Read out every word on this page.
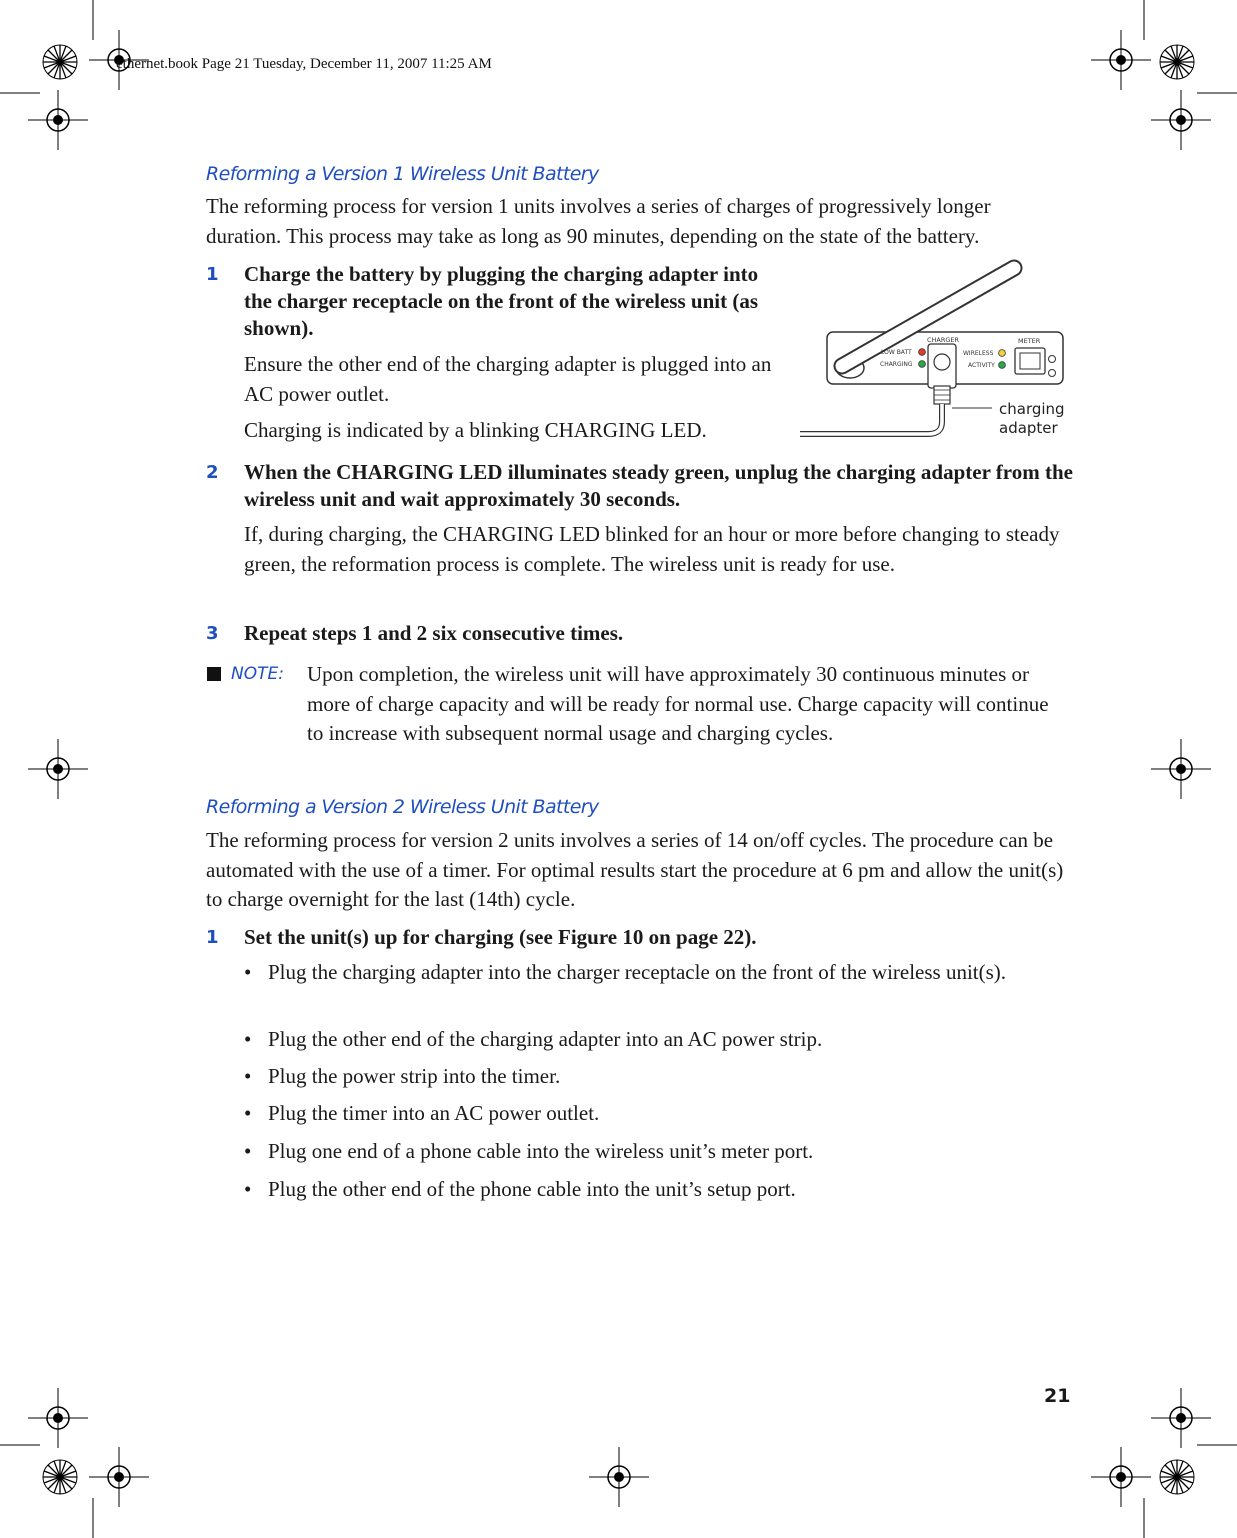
ethernet.book Page 21 Tuesday, December 11, 2007 11:25 AM
Reforming a Version 1 Wireless Unit Battery
The reforming process for version 1 units involves a series of charges of progressively longer duration. This process may take as long as 90 minutes, depending on the state of the battery.
1 Charge the battery by plugging the charging adapter into the charger receptacle on the front of the wireless unit (as shown).
Ensure the other end of the charging adapter is plugged into an AC power outlet.
Charging is indicated by a blinking CHARGING LED.
CHARGER	METER
LOW BATT
CHARGING
WIRELESS
ACTIVITY
charging
adapter
2 When the CHARGING LED illuminates steady green, unplug the charging adapter from the wireless unit and wait approximately 30 seconds.
If, during charging, the CHARGING LED blinked for an hour or more before changing to steady green, the reformation process is complete. The wireless unit is ready for use.
3 Repeat steps 1 and 2 six consecutive times.
NOTE: Upon completion, the wireless unit will have approximately 30 continuous minutes or more of charge capacity and will be ready for normal use. Charge capacity will continue to increase with subsequent normal usage and charging cycles.
Reforming a Version 2 Wireless Unit Battery
The reforming process for version 2 units involves a series of 14 on/off cycles. The procedure can be automated with the use of a timer. For optimal results start the procedure at 6 pm and allow the unit(s) to charge overnight for the last (14th) cycle.
1 Set the unit(s) up for charging (see Figure 10 on page 22).
• Plug the charging adapter into the charger receptacle on the front of the wireless unit(s).
• Plug the other end of the charging adapter into an AC power strip.
• Plug the power strip into the timer.
• Plug the timer into an AC power outlet.
• Plug one end of a phone cable into the wireless unit’s meter port.
• Plug the other end of the phone cable into the unit’s setup port.
21
